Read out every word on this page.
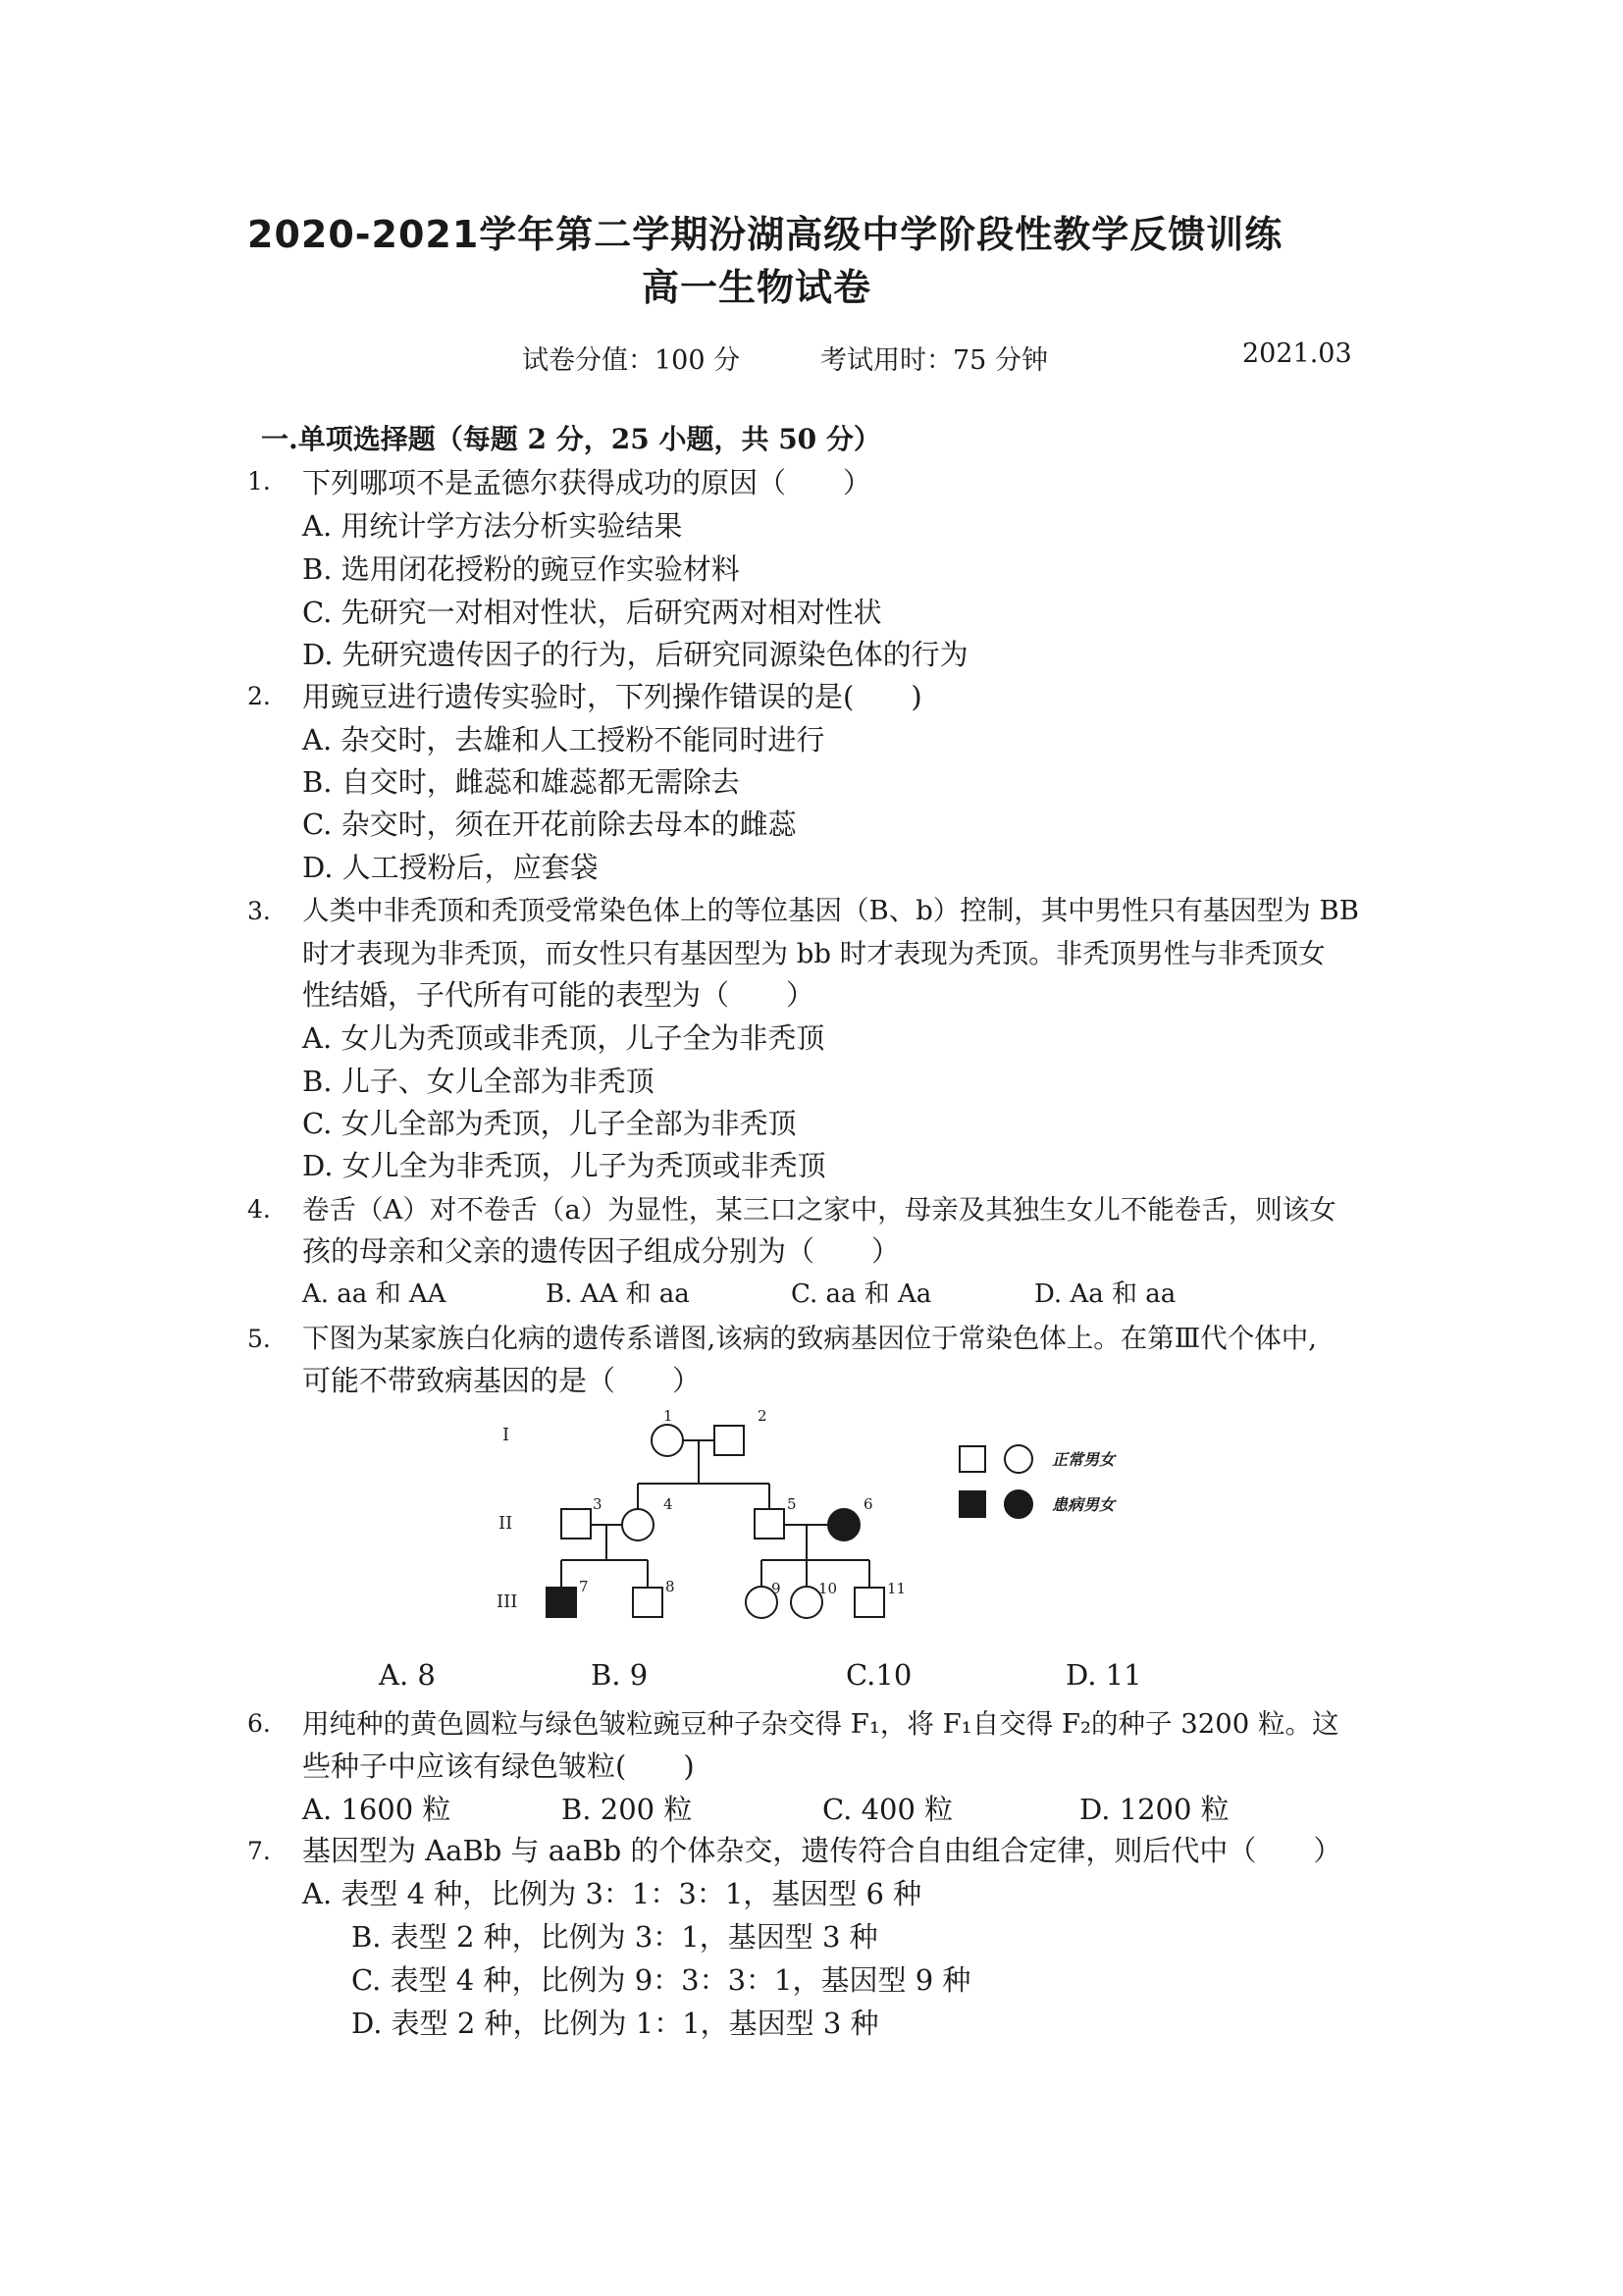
2020-2021学年第二学期汾湖高级中学阶段性教学反馈训练
高一生物试卷
试卷分值：100 分	考试用时：75 分钟	2021.03
一.单项选择题（每题 2 分，25 小题，共 50 分）
1. 下列哪项不是孟德尔获得成功的原因（　　）
A. 用统计学方法分析实验结果
B. 选用闭花授粉的豌豆作实验材料
C. 先研究一对相对性状，后研究两对相对性状
D. 先研究遗传因子的行为，后研究同源染色体的行为
2. 用豌豆进行遗传实验时，下列操作错误的是(　　)
A. 杂交时，去雄和人工授粉不能同时进行
B. 自交时，雌蕊和雄蕊都无需除去
C. 杂交时，须在开花前除去母本的雌蕊
D. 人工授粉后，应套袋
3. 人类中非秃顶和秃顶受常染色体上的等位基因（B、b）控制，其中男性只有基因型为 BB
时才表现为非秃顶，而女性只有基因型为 bb 时才表现为秃顶。非秃顶男性与非秃顶女
性结婚，子代所有可能的表型为（　　）
A. 女儿为秃顶或非秃顶，儿子全为非秃顶
B. 儿子、女儿全部为非秃顶
C. 女儿全部为秃顶，儿子全部为非秃顶
D. 女儿全为非秃顶，儿子为秃顶或非秃顶
4. 卷舌（A）对不卷舌（a）为显性，某三口之家中，母亲及其独生女儿不能卷舌，则该女
孩的母亲和父亲的遗传因子组成分别为（　　）
A. aa 和 AA	B. AA 和 aa	C. aa 和 Aa	D. Aa 和 aa
5. 下图为某家族白化病的遗传系谱图,该病的致病基因位于常染色体上。在第Ⅲ代个体中,
可能不带致病基因的是（　　）
I
II
III
1	2
3	4	5	6
7	8	9	10	11
正常男女
患病男女
A. 8	B. 9	C.10	D. 11
6. 用纯种的黄色圆粒与绿色皱粒豌豆种子杂交得 F₁，将 F₁自交得 F₂的种子 3200 粒。这
些种子中应该有绿色皱粒(　　)
A. 1600 粒	B. 200 粒	C. 400 粒	D. 1200 粒
7. 基因型为 AaBb 与 aaBb 的个体杂交，遗传符合自由组合定律，则后代中（　　）
A. 表型 4 种，比例为 3：1：3：1，基因型 6 种
B. 表型 2 种，比例为 3：1，基因型 3 种
C. 表型 4 种，比例为 9：3：3：1，基因型 9 种
D. 表型 2 种，比例为 1：1，基因型 3 种
